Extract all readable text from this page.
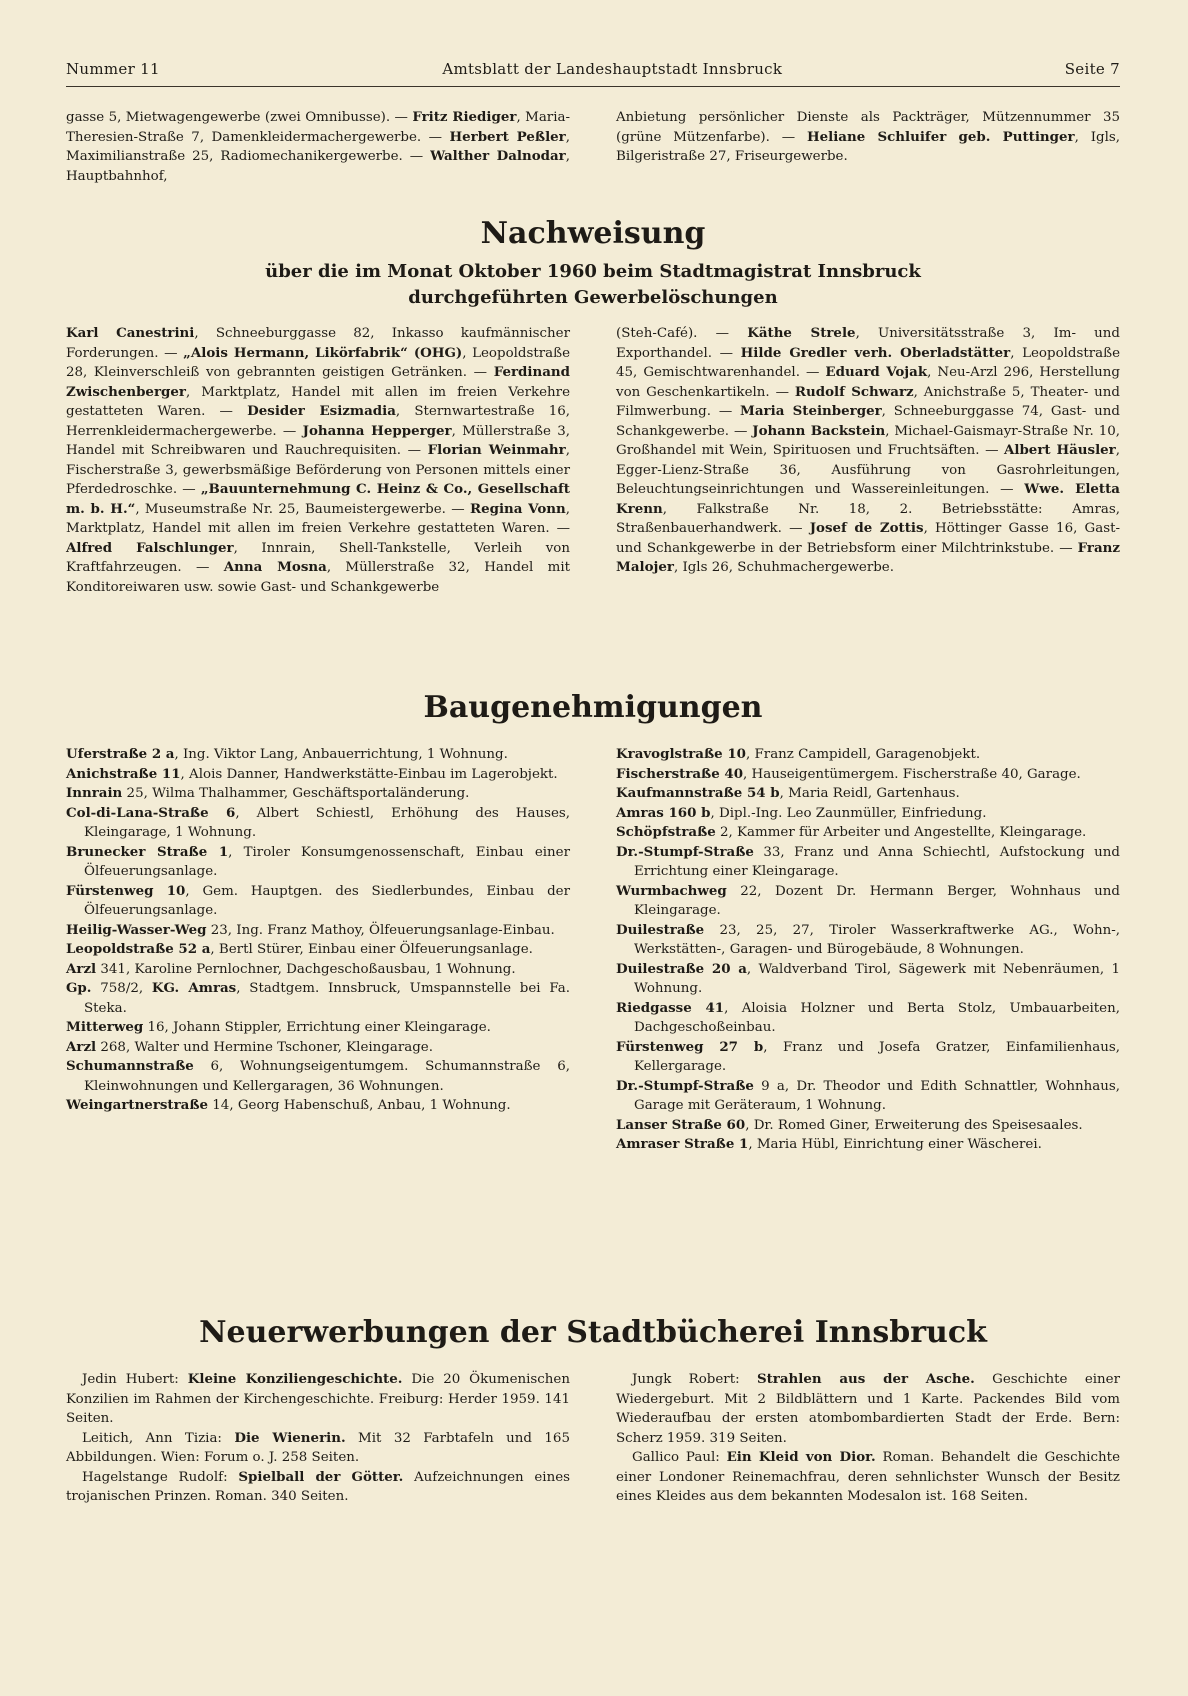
Nummer 11	Amtsblatt der Landeshauptstadt Innsbruck	Seite 7

gasse 5, Mietwagengewerbe (zwei Omnibusse). — Fritz Riediger, Maria-Theresien-Straße 7, Damenkleidermachergewerbe. — Herbert Peßler, Maximilianstraße 25, Radiomechanikergewerbe. — Walther Dalnodar, Hauptbahnhof,

Anbietung persönlicher Dienste als Packträger, Mützennummer 35 (grüne Mützenfarbe). — Heliane Schluifer geb. Puttinger, Igls, Bilgeristraße 27, Friseurgewerbe.

Nachweisung
über die im Monat Oktober 1960 beim Stadtmagistrat Innsbruck
durchgeführten Gewerbelöschungen

Karl Canestrini, Schneeburggasse 82, Inkasso kaufmännischer Forderungen. — „Alois Hermann, Likörfabrik“ (OHG), Leopoldstraße 28, Kleinverschleiß von gebrannten geistigen Getränken. — Ferdinand Zwischenberger, Marktplatz, Handel mit allen im freien Verkehre gestatteten Waren. — Desider Esizmadia, Sternwartestraße 16, Herrenkleidermachergewerbe. — Johanna Hepperger, Müllerstraße 3, Handel mit Schreibwaren und Rauchrequisiten. — Florian Weinmahr, Fischerstraße 3, gewerbsmäßige Beförderung von Personen mittels einer Pferdedroschke. — „Bauunternehmung C. Heinz & Co., Gesellschaft m. b. H.“, Museumstraße Nr. 25, Baumeistergewerbe. — Regina Vonn, Marktplatz, Handel mit allen im freien Verkehre gestatteten Waren. — Alfred Falschlunger, Innrain, Shell-Tankstelle, Verleih von Kraftfahrzeugen. — Anna Mosna, Müllerstraße 32, Handel mit Konditoreiwaren usw. sowie Gast- und Schankgewerbe

(Steh-Café). — Käthe Strele, Universitätsstraße 3, Im- und Exporthandel. — Hilde Gredler verh. Oberladstätter, Leopoldstraße 45, Gemischtwarenhandel. — Eduard Vojak, Neu-Arzl 296, Herstellung von Geschenkartikeln. — Rudolf Schwarz, Anichstraße 5, Theater- und Filmwerbung. — Maria Steinberger, Schneeburggasse 74, Gast- und Schankgewerbe. — Johann Backstein, Michael-Gaismayr-Straße Nr. 10, Großhandel mit Wein, Spirituosen und Fruchtsäften. — Albert Häusler, Egger-Lienz-Straße 36, Ausführung von Gasrohrleitungen, Beleuchtungseinrichtungen und Wassereinleitungen. — Wwe. Eletta Krenn, Falkstraße Nr. 18, 2. Betriebsstätte: Amras, Straßenbauerhandwerk. — Josef de Zottis, Höttinger Gasse 16, Gast- und Schankgewerbe in der Betriebsform einer Milchtrinkstube. — Franz Malojer, Igls 26, Schuhmachergewerbe.

Baugenehmigungen

Uferstraße 2 a, Ing. Viktor Lang, Anbauerrichtung, 1 Wohnung.

Anichstraße 11, Alois Danner, Handwerkstätte-Einbau im Lagerobjekt.

Innrain 25, Wilma Thalhammer, Geschäftsportaländerung.

Col-di-Lana-Straße 6, Albert Schiestl, Erhöhung des Hauses, Kleingarage, 1 Wohnung.

Brunecker Straße 1, Tiroler Konsumgenossenschaft, Einbau einer Ölfeuerungsanlage.

Fürstenweg 10, Gem. Hauptgen. des Siedlerbundes, Einbau der Ölfeuerungsanlage.

Heilig-Wasser-Weg 23, Ing. Franz Mathoy, Ölfeuerungsanlage-Einbau.

Leopoldstraße 52 a, Bertl Stürer, Einbau einer Ölfeuerungsanlage.

Arzl 341, Karoline Pernlochner, Dachgeschoßausbau, 1 Wohnung.

Gp. 758/2, KG. Amras, Stadtgem. Innsbruck, Umspannstelle bei Fa. Steka.

Mitterweg 16, Johann Stippler, Errichtung einer Kleingarage.

Arzl 268, Walter und Hermine Tschoner, Kleingarage.

Schumannstraße 6, Wohnungseigentumgem. Schumannstraße 6, Kleinwohnungen und Kellergaragen, 36 Wohnungen.

Weingartnerstraße 14, Georg Habenschuß, Anbau, 1 Wohnung.

Kravoglstraße 10, Franz Campidell, Garagenobjekt.

Fischerstraße 40, Hauseigentümergem. Fischerstraße 40, Garage.

Kaufmannstraße 54 b, Maria Reidl, Gartenhaus.

Amras 160 b, Dipl.-Ing. Leo Zaunmüller, Einfriedung.

Schöpfstraße 2, Kammer für Arbeiter und Angestellte, Kleingarage.

Dr.-Stumpf-Straße 33, Franz und Anna Schiechtl, Aufstockung und Errichtung einer Kleingarage.

Wurmbachweg 22, Dozent Dr. Hermann Berger, Wohnhaus und Kleingarage.

Duilestraße 23, 25, 27, Tiroler Wasserkraftwerke AG., Wohn-, Werkstätten-, Garagen- und Bürogebäude, 8 Wohnungen.

Duilestraße 20 a, Waldverband Tirol, Sägewerk mit Nebenräumen, 1 Wohnung.

Riedgasse 41, Aloisia Holzner und Berta Stolz, Umbauarbeiten, Dachgeschoßeinbau.

Fürstenweg 27 b, Franz und Josefa Gratzer, Einfamilienhaus, Kellergarage.

Dr.-Stumpf-Straße 9 a, Dr. Theodor und Edith Schnattler, Wohnhaus, Garage mit Geräteraum, 1 Wohnung.

Lanser Straße 60, Dr. Romed Giner, Erweiterung des Speisesaales.

Amraser Straße 1, Maria Hübl, Einrichtung einer Wäscherei.

Neuerwerbungen der Stadtbücherei Innsbruck

Jedin Hubert: Kleine Konziliengeschichte. Die 20 Ökumenischen Konzilien im Rahmen der Kirchengeschichte. Freiburg: Herder 1959. 141 Seiten.

Leitich, Ann Tizia: Die Wienerin. Mit 32 Farbtafeln und 165 Abbildungen. Wien: Forum o. J. 258 Seiten.

Hagelstange Rudolf: Spielball der Götter. Aufzeichnungen eines trojanischen Prinzen. Roman. 340 Seiten.

Jungk Robert: Strahlen aus der Asche. Geschichte einer Wiedergeburt. Mit 2 Bildblättern und 1 Karte. Packendes Bild vom Wiederaufbau der ersten atombombardierten Stadt der Erde. Bern: Scherz 1959. 319 Seiten.

Gallico Paul: Ein Kleid von Dior. Roman. Behandelt die Geschichte einer Londoner Reinemachfrau, deren sehnlichster Wunsch der Besitz eines Kleides aus dem bekannten Modesalon ist. 168 Seiten.
